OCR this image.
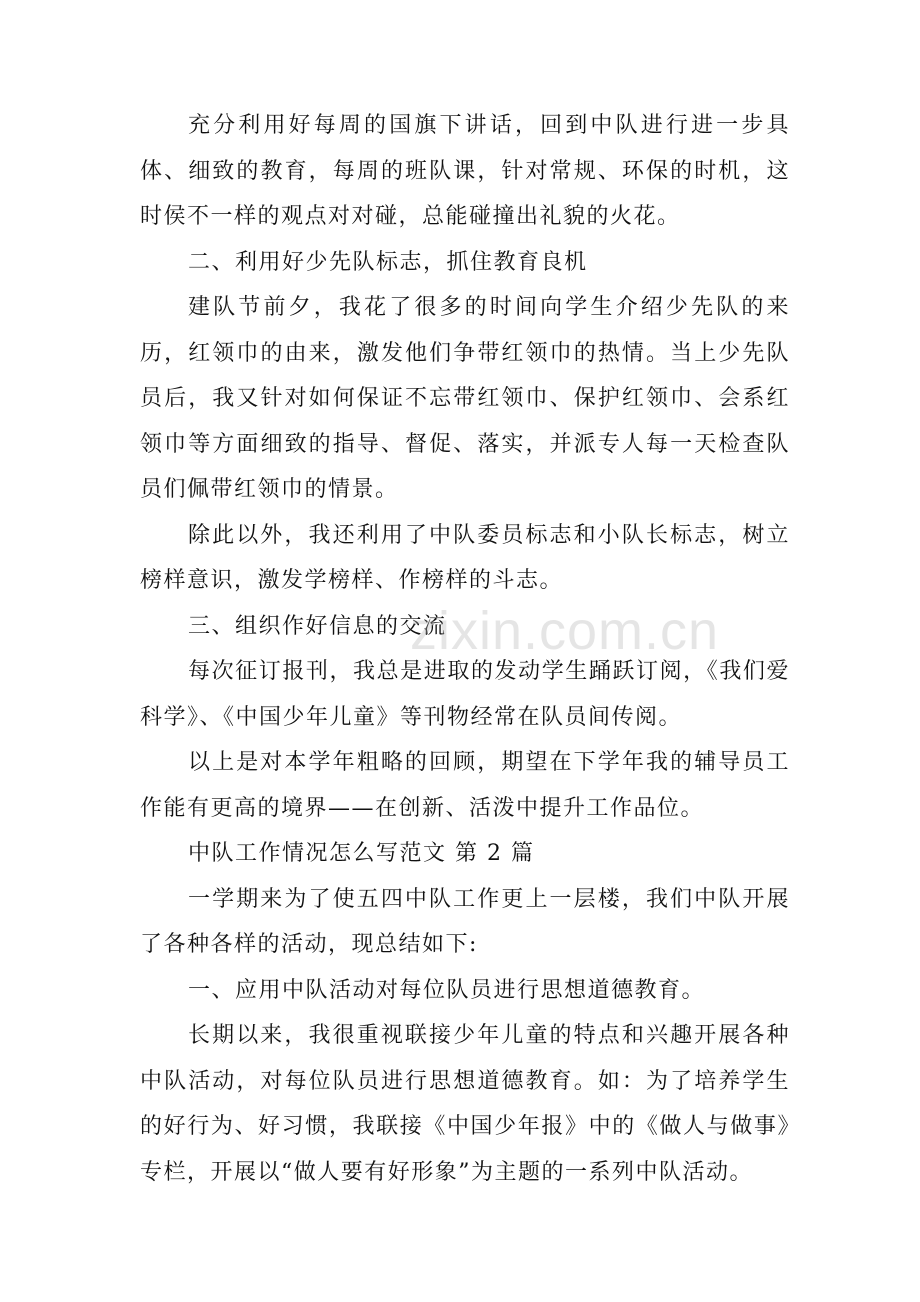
充分利用好每周的国旗下讲话，回到中队进行进一步具体、细致的教育，每周的班队课，针对常规、环保的时机，这时侯不一样的观点对对碰，总能碰撞出礼貌的火花。

二、利用好少先队标志，抓住教育良机

建队节前夕，我花了很多的时间向学生介绍少先队的来历，红领巾的由来，激发他们争带红领巾的热情。当上少先队员后，我又针对如何保证不忘带红领巾、保护红领巾、会系红领巾等方面细致的指导、督促、落实，并派专人每一天检查队员们佩带红领巾的情景。

除此以外，我还利用了中队委员标志和小队长标志，树立榜样意识，激发学榜样、作榜样的斗志。

三、组织作好信息的交流

每次征订报刊，我总是进取的发动学生踊跃订阅，《我们爱科学》、《中国少年儿童》等刊物经常在队员间传阅。

以上是对本学年粗略的回顾，期望在下学年我的辅导员工作能有更高的境界——在创新、活泼中提升工作品位。

中队工作情况怎么写范文 第 2 篇

一学期来为了使五四中队工作更上一层楼，我们中队开展了各种各样的活动，现总结如下:

一、应用中队活动对每位队员进行思想道德教育。

长期以来，我很重视联接少年儿童的特点和兴趣开展各种中队活动，对每位队员进行思想道德教育。如：为了培养学生的好行为、好习惯，我联接《中国少年报》中的《做人与做事》专栏，开展以“做人要有好形象”为主题的一系列中队活动。

zixin.com.cn
